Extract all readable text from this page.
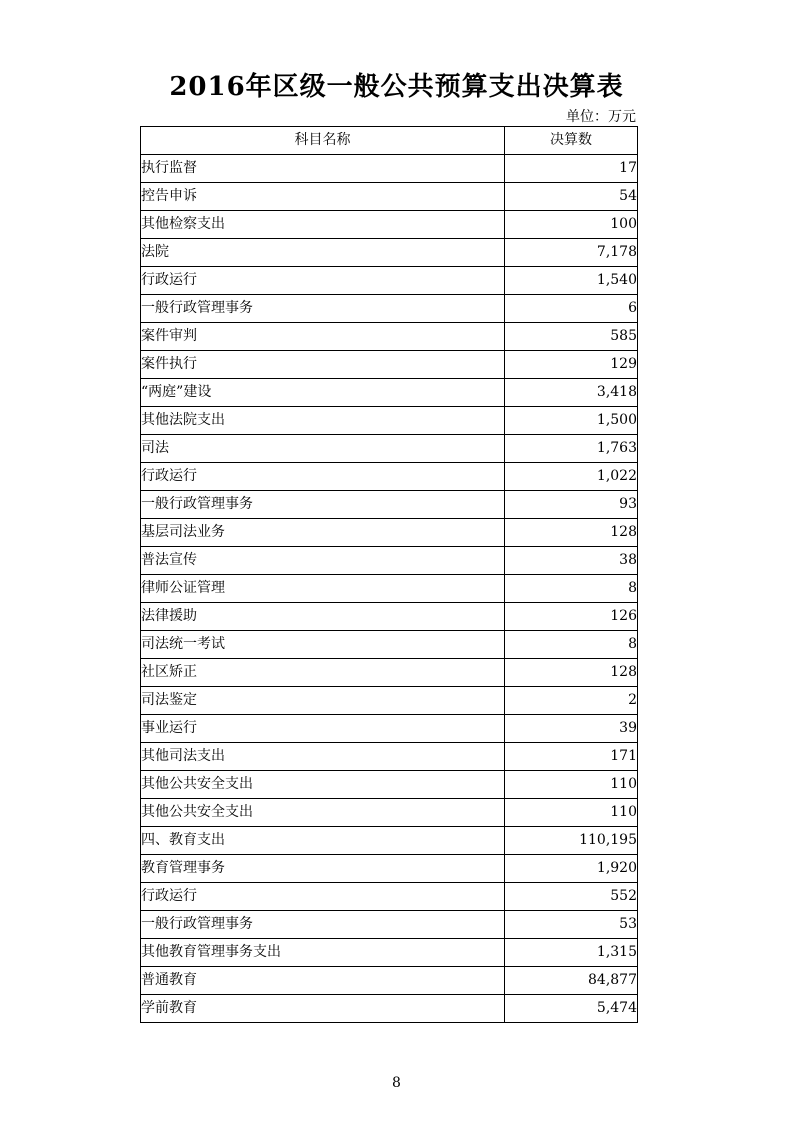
2016年区级一般公共预算支出决算表
单位：万元
科目名称	决算数
执行监督	17
控告申诉	54
其他检察支出	100
法院	7,178
行政运行	1,540
一般行政管理事务	6
案件审判	585
案件执行	129
“两庭”建设	3,418
其他法院支出	1,500
司法	1,763
行政运行	1,022
一般行政管理事务	93
基层司法业务	128
普法宣传	38
律师公证管理	8
法律援助	126
司法统一考试	8
社区矫正	128
司法鉴定	2
事业运行	39
其他司法支出	171
其他公共安全支出	110
其他公共安全支出	110
四、教育支出	110,195
教育管理事务	1,920
行政运行	552
一般行政管理事务	53
其他教育管理事务支出	1,315
普通教育	84,877
学前教育	5,474
8
